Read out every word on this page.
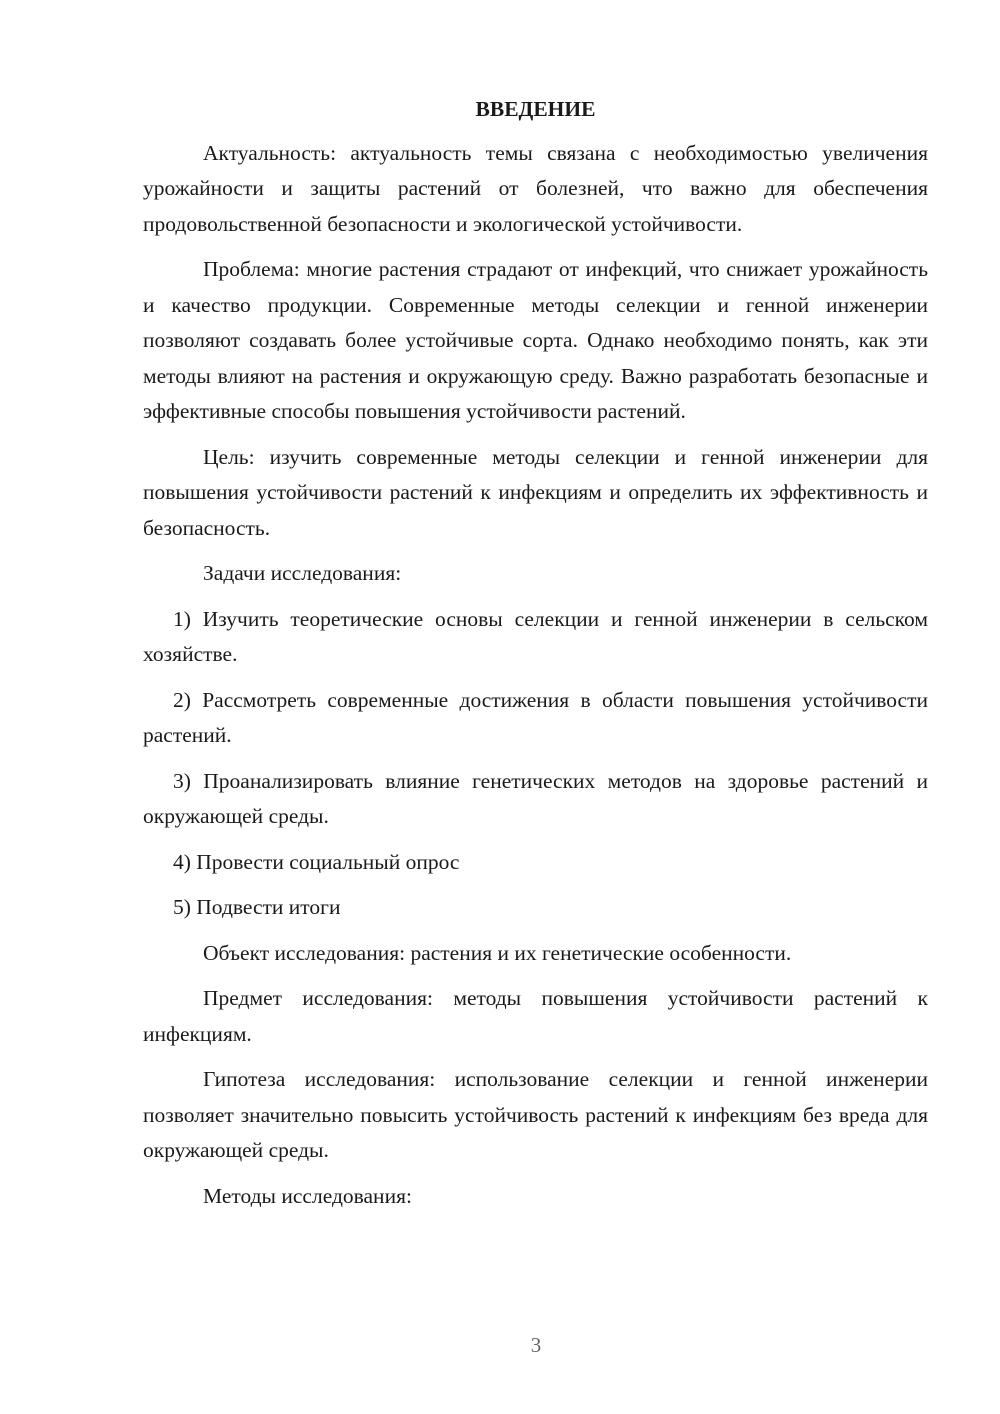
ВВЕДЕНИЕ

Актуальность: актуальность темы связана с необходимостью увеличения урожайности и защиты растений от болезней, что важно для обеспечения продовольственной безопасности и экологической устойчивости.

Проблема: многие растения страдают от инфекций, что снижает урожайность и качество продукции. Современные методы селекции и генной инженерии позволяют создавать более устойчивые сорта. Однако необходимо понять, как эти методы влияют на растения и окружающую среду. Важно разработать безопасные и эффективные способы повышения устойчивости растений.

Цель: изучить современные методы селекции и генной инженерии для повышения устойчивости растений к инфекциям и определить их эффективность и безопасность.

Задачи исследования:

1) Изучить теоретические основы селекции и генной инженерии в сельском хозяйстве.

2) Рассмотреть современные достижения в области повышения устойчивости растений.

3) Проанализировать влияние генетических методов на здоровье растений и окружающей среды.

4) Провести социальный опрос

5) Подвести итоги

Объект исследования: растения и их генетические особенности.

Предмет исследования: методы повышения устойчивости растений к инфекциям.

Гипотеза исследования: использование селекции и генной инженерии позволяет значительно повысить устойчивость растений к инфекциям без вреда для окружающей среды.

Методы исследования:

3
